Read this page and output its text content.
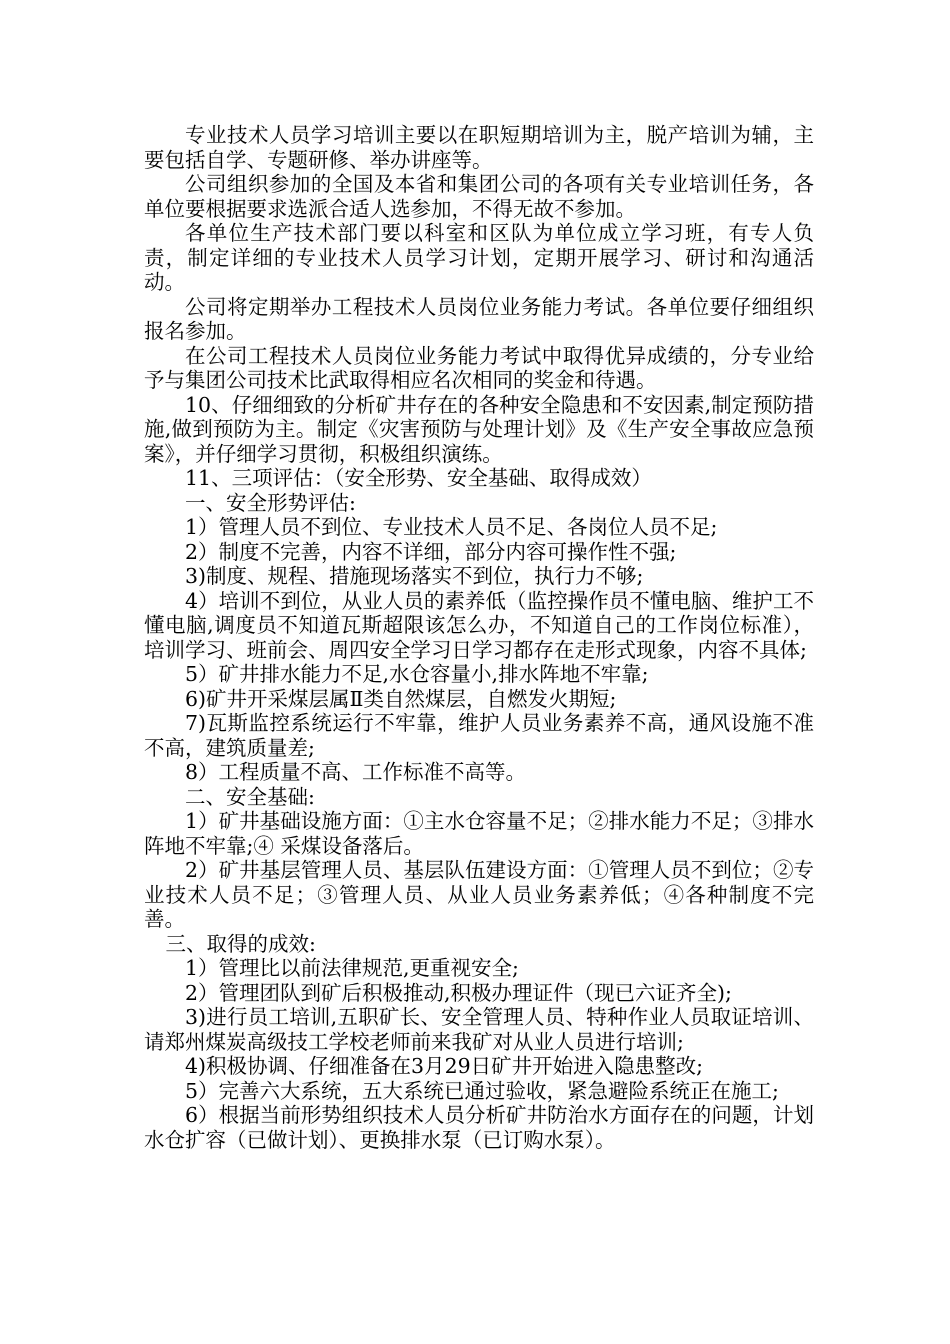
专业技术人员学习培训主要以在职短期培训为主，脱产培训为辅，主要包括自学、专题研修、举办讲座等。

公司组织参加的全国及本省和集团公司的各项有关专业培训任务，各单位要根据要求选派合适人选参加，不得无故不参加。

各单位生产技术部门要以科室和区队为单位成立学习班，有专人负责，制定详细的专业技术人员学习计划，定期开展学习、研讨和沟通活动。

公司将定期举办工程技术人员岗位业务能力考试。各单位要仔细组织报名参加。

在公司工程技术人员岗位业务能力考试中取得优异成绩的，分专业给予与集团公司技术比武取得相应名次相同的奖金和待遇。

10、仔细细致的分析矿井存在的各种安全隐患和不安因素,制定预防措施,做到预防为主。制定《灾害预防与处理计划》及《生产安全事故应急预案》，并仔细学习贯彻，积极组织演练。

11、三项评估：（安全形势、安全基础、取得成效）

一、安全形势评估:

1）管理人员不到位、专业技术人员不足、各岗位人员不足;

2）制度不完善，内容不详细，部分内容可操作性不强;

3)制度、规程、措施现场落实不到位，执行力不够;

4）培训不到位，从业人员的素养低（监控操作员不懂电脑、维护工不懂电脑,调度员不知道瓦斯超限该怎么办，不知道自己的工作岗位标准），培训学习、班前会、周四安全学习日学习都存在走形式现象，内容不具体;

5）矿井排水能力不足,水仓容量小,排水阵地不牢靠;

6)矿井开采煤层属Ⅱ类自然煤层，自燃发火期短;

7)瓦斯监控系统运行不牢靠，维护人员业务素养不高，通风设施不准不高，建筑质量差;

8）工程质量不高、工作标准不高等。

二、安全基础:

1）矿井基础设施方面：①主水仓容量不足；②排水能力不足；③排水阵地不牢靠;④ 采煤设备落后。

2）矿井基层管理人员、基层队伍建设方面：①管理人员不到位；②专业技术人员不足；③管理人员、从业人员业务素养低；④各种制度不完善。

三、取得的成效:

1）管理比以前法律规范,更重视安全;

2）管理团队到矿后积极推动,积极办理证件（现已六证齐全);

3)进行员工培训,五职矿长、安全管理人员、特种作业人员取证培训、请郑州煤炭高级技工学校老师前来我矿对从业人员进行培训;

4)积极协调、仔细准备在3月29日矿井开始进入隐患整改;

5）完善六大系统，五大系统已通过验收，紧急避险系统正在施工;

6）根据当前形势组织技术人员分析矿井防治水方面存在的问题，计划水仓扩容（已做计划）、更换排水泵（已订购水泵）。
